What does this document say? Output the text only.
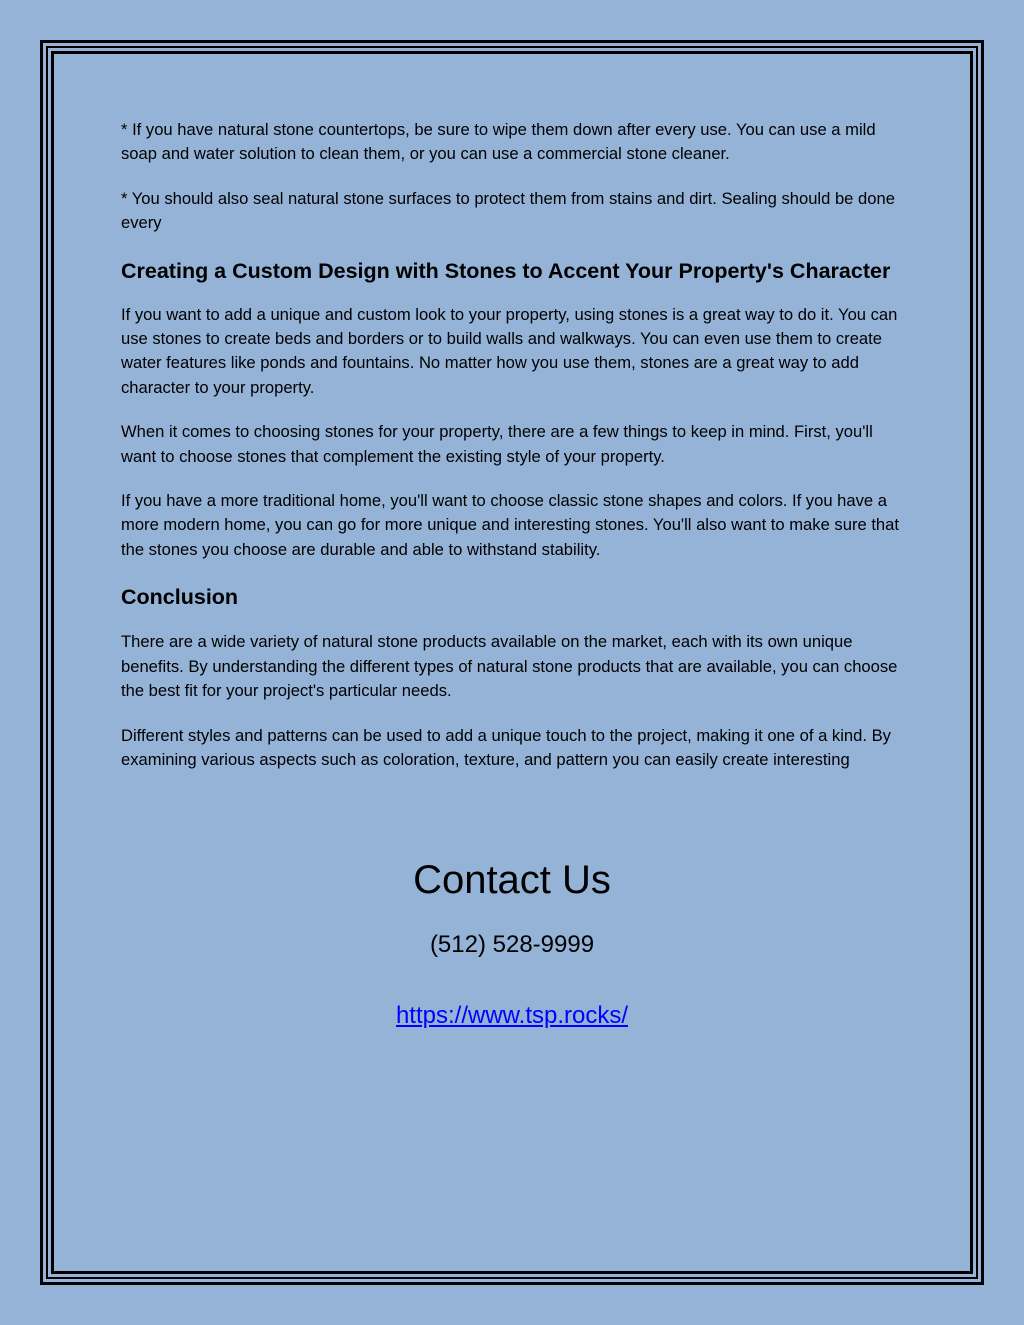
* If you have natural stone countertops, be sure to wipe them down after every use. You can use a mild soap and water solution to clean them, or you can use a commercial stone cleaner.

* You should also seal natural stone surfaces to protect them from stains and dirt. Sealing should be done every

Creating a Custom Design with Stones to Accent Your Property's Character

If you want to add a unique and custom look to your property, using stones is a great way to do it. You can use stones to create beds and borders or to build walls and walkways. You can even use them to create water features like ponds and fountains. No matter how you use them, stones are a great way to add character to your property.

When it comes to choosing stones for your property, there are a few things to keep in mind. First, you'll want to choose stones that complement the existing style of your property.

If you have a more traditional home, you'll want to choose classic stone shapes and colors. If you have a more modern home, you can go for more unique and interesting stones. You'll also want to make sure that the stones you choose are durable and able to withstand stability.

Conclusion

There are a wide variety of natural stone products available on the market, each with its own unique benefits. By understanding the different types of natural stone products that are available, you can choose the best fit for your project's particular needs.

Different styles and patterns can be used to add a unique touch to the project, making it one of a kind. By examining various aspects such as coloration, texture, and pattern you can easily create interesting

Contact Us

(512) 528-9999

https://www.tsp.rocks/
